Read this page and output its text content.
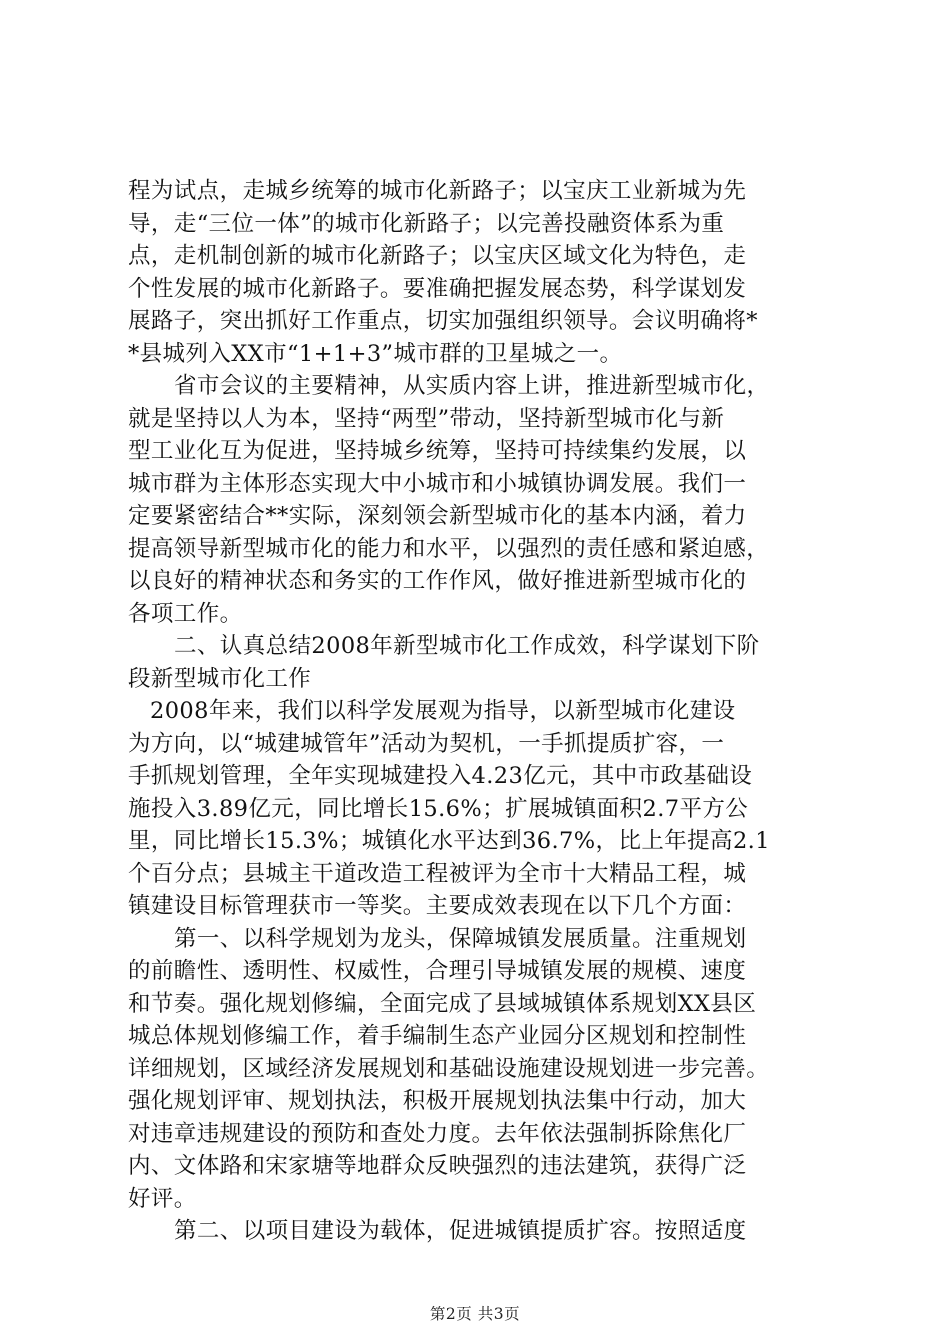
程为试点，走城乡统筹的城市化新路子；以宝庆工业新城为先
导，走“三位一体”的城市化新路子；以完善投融资体系为重
点，走机制创新的城市化新路子；以宝庆区域文化为特色，走
个性发展的城市化新路子。要准确把握发展态势，科学谋划发
展路子，突出抓好工作重点，切实加强组织领导。会议明确将*
*县城列入XX市“1+1+3”城市群的卫星城之一。
省市会议的主要精神，从实质内容上讲，推进新型城市化，
就是坚持以人为本，坚持“两型”带动，坚持新型城市化与新
型工业化互为促进，坚持城乡统筹，坚持可持续集约发展，以
城市群为主体形态实现大中小城市和小城镇协调发展。我们一
定要紧密结合**实际，深刻领会新型城市化的基本内涵，着力
提高领导新型城市化的能力和水平，以强烈的责任感和紧迫感，
以良好的精神状态和务实的工作作风，做好推进新型城市化的
各项工作。
二、认真总结2008年新型城市化工作成效，科学谋划下阶
段新型城市化工作
2008年来，我们以科学发展观为指导，以新型城市化建设
为方向，以“城建城管年”活动为契机，一手抓提质扩容，一
手抓规划管理，全年实现城建投入4.23亿元，其中市政基础设
施投入3.89亿元，同比增长15.6%；扩展城镇面积2.7平方公
里，同比增长15.3%；城镇化水平达到36.7%，比上年提高2.1
个百分点；县城主干道改造工程被评为全市十大精品工程，城
镇建设目标管理获市一等奖。主要成效表现在以下几个方面：
第一、以科学规划为龙头，保障城镇发展质量。注重规划
的前瞻性、透明性、权威性，合理引导城镇发展的规模、速度
和节奏。强化规划修编，全面完成了县域城镇体系规划XX县区
城总体规划修编工作，着手编制生态产业园分区规划和控制性
详细规划，区域经济发展规划和基础设施建设规划进一步完善。
强化规划评审、规划执法，积极开展规划执法集中行动，加大
对违章违规建设的预防和查处力度。去年依法强制拆除焦化厂
内、文体路和宋家塘等地群众反映强烈的违法建筑，获得广泛
好评。
第二、以项目建设为载体，促进城镇提质扩容。按照适度
第2页 共3页
